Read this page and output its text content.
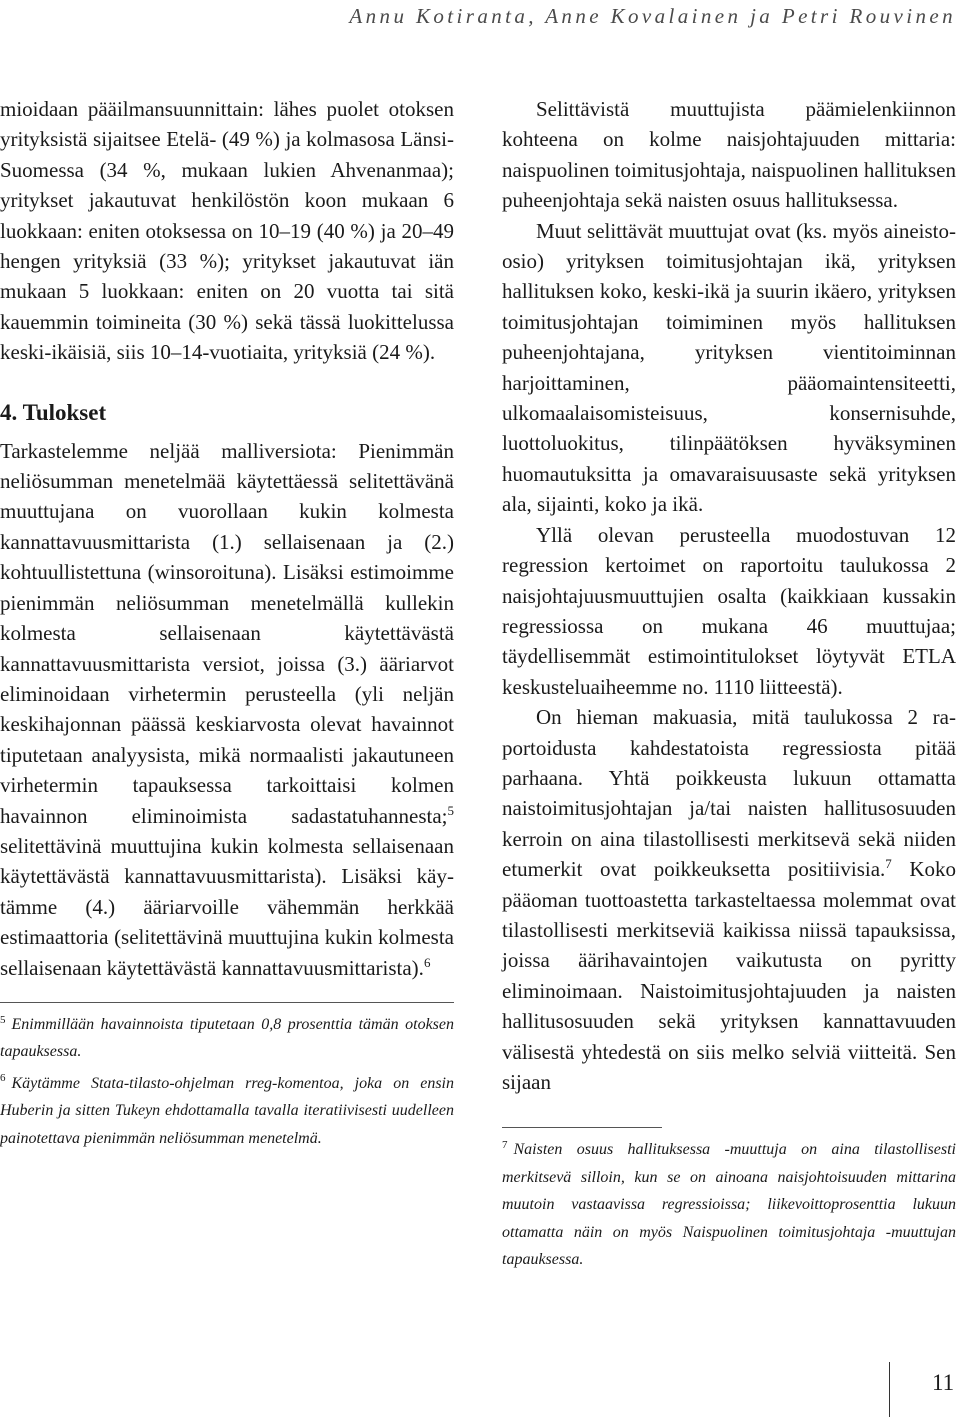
Annu Kotiranta, Anne Kovalainen ja Petri Rouvinen

mioidaan pääilmansuunnittain: lähes puolet otoksen yrityksistä sijaitsee Etelä- (49 %) ja kolmasosa Länsi-Suomessa (34 %, mukaan lukien Ahvenanmaa); yritykset jakautuvat henkilöstön koon mukaan 6 luokkaan: eniten otoksessa on 10–19 (40 %) ja 20–49 hengen yrityksiä (33 %); yritykset jakautuvat iän mukaan 5 luokkaan: eniten on 20 vuotta tai sitä kauemmin toimineita (30 %) sekä tässä luokittelussa keski-ikäisiä, siis 10–14-vuotiaita, yrityksiä (24 %).

4. Tulokset

Tarkastelemme neljää malliversiota: Pienimmän neliösumman menetelmää käytettäessä selitettävänä muuttujana on vuorollaan kukin kolmesta kannattavuusmittarista (1.) sellaisenaan ja (2.) kohtuullistettuna (winsoroituna). Lisäksi estimoimme pienimmän neliösumman menetelmällä kullekin kolmesta sellaisenaan käytettävästä kannattavuusmittarista versiot, joissa (3.) ääriarvot eliminoidaan virhetermin perusteella (yli neljän keskihajonnan päässä keskiarvosta olevat havainnot tiputetaan analyysista, mikä normaalisti jakautuneen virhetermin tapauksessa tarkoittaisi kolmen havainnon eliminoimista sadastatuhannesta;$^5$ selitettävinä muuttujina kukin kolmesta sellaisenaan käytettävästä kannattavuusmittarista). Lisäksi käytämme (4.) ääriarvoille vähemmän herkkää estimaattoria (selitettävinä muuttujina kukin kolmesta sellaisenaan käytettävästä kannattavuusmittarista).$^6$

$^5$ Enimmillään havainnoista tiputetaan 0,8 prosenttia tämän otoksen tapauksessa.

$^6$ Käytämme Stata-tilasto-ohjelman rreg-komentoa, joka on ensin Huberin ja sitten Tukeyn ehdottamalla tavalla iteratiivisesti uudelleen painotettava pienimmän neliösumman menetelmä.

Selittävistä muuttujista päämielenkiinnon kohteena on kolme naisjohtajuuden mittaria: naispuolinen toimitusjohtaja, naispuolinen hallituksen puheenjohtaja sekä naisten osuus hallituksessa.

Muut selittävät muuttujat ovat (ks. myös aineisto-osio) yrityksen toimitusjohtajan ikä, yrityksen hallituksen koko, keski-ikä ja suurin ikäero, yrityksen toimitusjohtajan toimiminen myös hallituksen puheenjohtajana, yrityksen vientitoiminnan harjoittaminen, pääomaintensiteetti, ulkomaalaisomisteisuus, konsernisuhde, luottoluokitus, tilinpäätöksen hyväksyminen huomautuksitta ja omavaraisuusaste sekä yrityksen ala, sijainti, koko ja ikä.

Yllä olevan perusteella muodostuvan 12 regression kertoimet on raportoitu taulukossa 2 naisjohtajuusmuuttujien osalta (kaikkiaan kussakin regressiossa on mukana 46 muuttujaa; täydellisemmät estimointitulokset löytyvät ETLA keskusteluaiheemme no. 1110 liitteestä).

On hieman makuasia, mitä taulukossa 2 raportoidusta kahdestatoista regressiosta pitää parhaana. Yhtä poikkeusta lukuun ottamatta naistoimitusjohtajan ja/tai naisten hallitusosuuden kerroin on aina tilastollisesti merkitsevä sekä niiden etumerkit ovat poikkeuksetta positiivisia.$^7$ Koko pääoman tuottoastetta tarkasteltaessa molemmat ovat tilastollisesti merkitseviä kaikissa niissä tapauksissa, joissa äärihavaintojen vaikutusta on pyritty eliminoimaan. Naistoimitusjohtajuuden ja naisten hallitusosuuden sekä yrityksen kannattavuuden välisestä yhtedestä on siis melko selviä viitteitä. Sen sijaan

$^7$ Naisten osuus hallituksessa -muuttuja on aina tilastollisesti merkitsevä silloin, kun se on ainoana naisjohtoisuuden mittarina muutoin vastaavissa regressioissa; liikevoittoprosenttia lukuun ottamatta näin on myös Naispuolinen toimitusjohtaja -muuttujan tapauksessa.

11
